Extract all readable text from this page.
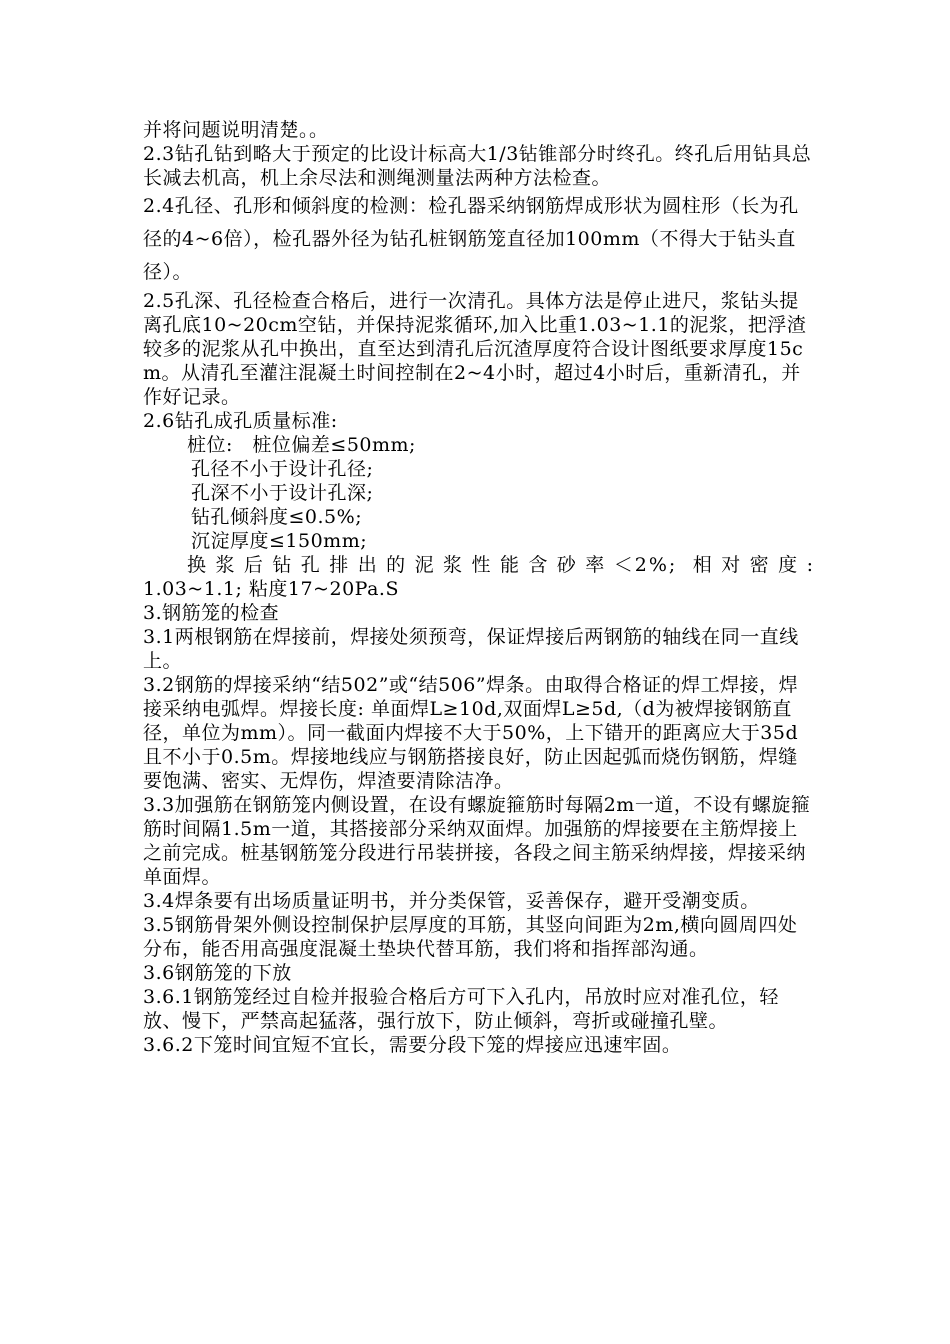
并将问题说明清楚。。

2.3钻孔钻到略大于预定的比设计标高大1/3钻锥部分时终孔。终孔后用钻具总长减去机高，机上余尽法和测绳测量法两种方法检查。

2.4孔径、孔形和倾斜度的检测：检孔器采纳钢筋焊成形状为圆柱形（长为孔径的4~6倍），检孔器外径为钻孔桩钢筋笼直径加100mm（不得大于钻头直径）。

2.5孔深、孔径检查合格后，进行一次清孔。具体方法是停止进尺，浆钻头提离孔底10~20cm空钻，并保持泥浆循环,加入比重1.03~1.1的泥浆，把浮渣较多的泥浆从孔中换出，直至达到清孔后沉渣厚度符合设计图纸要求厚度15cm。从清孔至灌注混凝土时间控制在2~4小时，超过4小时后，重新清孔，并作好记录。

2.6钻孔成孔质量标准:

桩位:　桩位偏差≤50mm;

孔径不小于设计孔径;

孔深不小于设计孔深;

钻孔倾斜度≤0.5%;

沉淀厚度≤150mm;

换浆后钻孔排出的泥浆性能含砂率＜2%; 相对密度:

1.03~1.1; 粘度17~20Pa.S

3.钢筋笼的检查

3.1两根钢筋在焊接前，焊接处须预弯，保证焊接后两钢筋的轴线在同一直线上。

3.2钢筋的焊接采纳“结502”或“结506”焊条。由取得合格证的焊工焊接，焊接采纳电弧焊。焊接长度: 单面焊L≥10d,双面焊L≥5d,（d为被焊接钢筋直径，单位为mm）。同一截面内焊接不大于50%，上下错开的距离应大于35d且不小于0.5m。焊接地线应与钢筋搭接良好，防止因起弧而烧伤钢筋，焊缝要饱满、密实、无焊伤，焊渣要清除洁净。

3.3加强筋在钢筋笼内侧设置，在设有螺旋箍筋时每隔2m一道，不设有螺旋箍筋时间隔1.5m一道，其搭接部分采纳双面焊。加强筋的焊接要在主筋焊接上之前完成。桩基钢筋笼分段进行吊装拼接，各段之间主筋采纳焊接，焊接采纳单面焊。

3.4焊条要有出场质量证明书，并分类保管，妥善保存，避开受潮变质。

3.5钢筋骨架外侧设控制保护层厚度的耳筋，其竖向间距为2m,横向圆周四处分布，能否用高强度混凝土垫块代替耳筋，我们将和指挥部沟通。

3.6钢筋笼的下放

3.6.1钢筋笼经过自检并报验合格后方可下入孔内，吊放时应对准孔位，轻放、慢下，严禁高起猛落，强行放下，防止倾斜，弯折或碰撞孔壁。

3.6.2下笼时间宜短不宜长，需要分段下笼的焊接应迅速牢固。
